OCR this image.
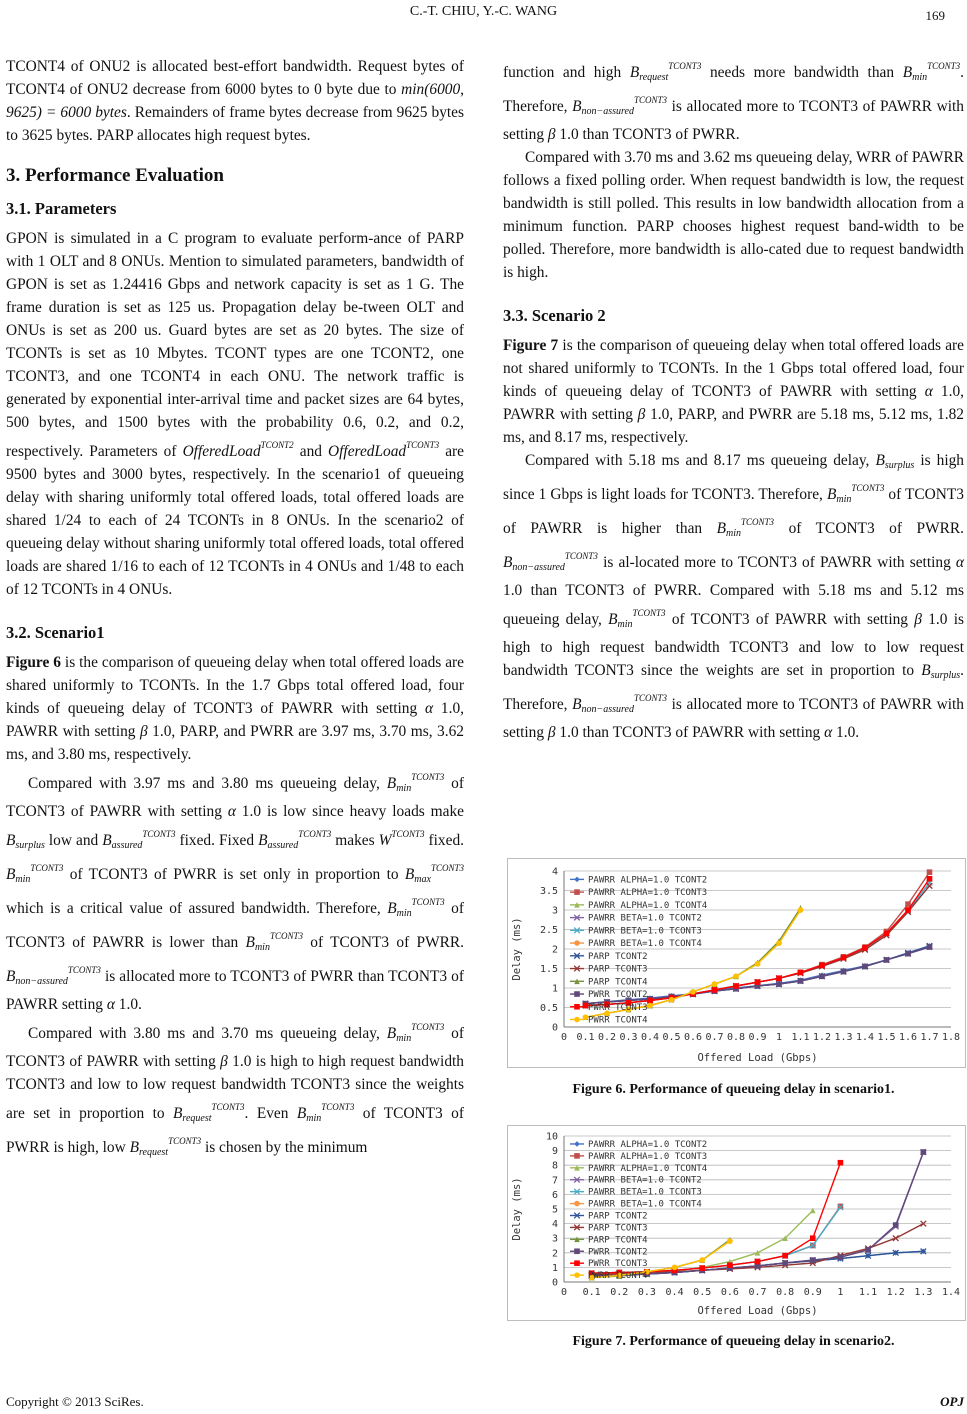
C.-T. CHIU, Y.-C. WANG	169

TCONT4 of ONU2 is allocated best-effort bandwidth. Request bytes of TCONT4 of ONU2 decrease from 6000 bytes to 0 byte due to min(6000, 9625) = 6000 bytes. Remainders of frame bytes decrease from 9625 bytes to 3625 bytes. PARP allocates high request bytes.

3. Performance Evaluation
3.1. Parameters

GPON is simulated in a C program to evaluate perform-ance of PARP with 1 OLT and 8 ONUs. Mention to simulated parameters, bandwidth of GPON is set as 1.24416 Gbps and network capacity is set as 1 G. The frame duration is set as 125 us. Propagation delay be-tween OLT and ONUs is set as 200 us. Guard bytes are set as 20 bytes. The size of TCONTs is set as 10 Mbytes. TCONT types are one TCONT2, one TCONT3, and one TCONT4 in each ONU. The network traffic is generated by exponential inter-arrival time and packet sizes are 64 bytes, 500 bytes, and 1500 bytes with the probability 0.6, 0.2, and 0.2, respectively. Parameters of OfferedLoad$^{TCONT2}$ and OfferedLoad$^{TCONT3}$ are 9500 bytes and 3000 bytes, respectively. In the scenario1 of queueing delay with sharing uniformly total offered loads, total offered loads are shared 1/24 to each of 24 TCONTs in 8 ONUs. In the scenario2 of queueing delay without sharing uniformly total offered loads, total offered loads are shared 1/16 to each of 12 TCONTs in 4 ONUs and 1/48 to each of 12 TCONTs in 4 ONUs.

3.2. Scenario1

Figure 6 is the comparison of queueing delay when total offered loads are shared uniformly to TCONTs. In the 1.7 Gbps total offered load, four kinds of queueing delay of TCONT3 of PAWRR with setting α 1.0, PAWRR with setting β 1.0, PARP, and PWRR are 3.97 ms, 3.70 ms, 3.62 ms, and 3.80 ms, respectively.

Compared with 3.97 ms and 3.80 ms queueing delay, $B_{min}^{TCONT3}$ of TCONT3 of PAWRR with setting α 1.0 is low since heavy loads make $B_{surplus}$ low and $B_{assured}^{TCONT3}$ fixed. Fixed $B_{assured}^{TCONT3}$ makes $W^{TCONT3}$ fixed. $B_{min}^{TCONT3}$ of TCONT3 of PWRR is set only in proportion to $B_{max}^{TCONT3}$ which is a critical value of assured bandwidth. Therefore, $B_{min}^{TCONT3}$ of TCONT3 of PAWRR is lower than $B_{min}^{TCONT3}$ of TCONT3 of PWRR. $B_{non-assured}^{TCONT3}$ is allocated more to TCONT3 of PWRR than TCONT3 of PAWRR setting α 1.0.

Compared with 3.80 ms and 3.70 ms queueing delay, $B_{min}^{TCONT3}$ of TCONT3 of PAWRR with setting β 1.0 is high to high request bandwidth TCONT3 and low to low request bandwidth TCONT3 since the weights are set in proportion to $B_{request}^{TCONT3}$. Even $B_{min}^{TCONT3}$ of TCONT3 of PWRR is high, low $B_{request}^{TCONT3}$ is chosen by the minimum

function and high $B_{request}^{TCONT3}$ needs more bandwidth than $B_{min}^{TCONT3}$. Therefore, $B_{non-assured}^{TCONT3}$ is allocated more to TCONT3 of PAWRR with setting β 1.0 than TCONT3 of PWRR.

Compared with 3.70 ms and 3.62 ms queueing delay, WRR of PAWRR follows a fixed polling order. When request bandwidth is low, the request bandwidth is still polled. This results in low bandwidth allocation from a minimum function. PARP chooses highest request band-width to be polled. Therefore, more bandwidth is allo-cated due to request bandwidth is high.

3.3. Scenario 2

Figure 7 is the comparison of queueing delay when total offered loads are not shared uniformly to TCONTs. In the 1 Gbps total offered load, four kinds of queueing delay of TCONT3 of PAWRR with setting α 1.0, PAWRR with setting β 1.0, PARP, and PWRR are 5.18 ms, 5.12 ms, 1.82 ms, and 8.17 ms, respectively.

Compared with 5.18 ms and 8.17 ms queueing delay, $B_{surplus}$ is high since 1 Gbps is light loads for TCONT3. Therefore, $B_{min}^{TCONT3}$ of TCONT3 of PAWRR is higher than $B_{min}^{TCONT3}$ of TCONT3 of PWRR. $B_{non-assured}^{TCONT3}$ is al-located more to TCONT3 of PAWRR with setting α 1.0 than TCONT3 of PWRR. Compared with 5.18 ms and 5.12 ms queueing delay, $B_{min}^{TCONT3}$ of TCONT3 of PAWRR with setting β 1.0 is high to high request bandwidth TCONT3 and low to low request bandwidth TCONT3 since the weights are set in proportion to $B_{surplus}$. Therefore, $B_{non-assured}^{TCONT3}$ is allocated more to TCONT3 of PAWRR with setting β 1.0 than TCONT3 of PAWRR with setting α 1.0.

0
0.5
1
1.5
2
2.5
3
3.5
4
0 0.1 0.2 0.3 0.4 0.5 0.6 0.7 0.8 0.9 1 1.1 1.2 1.3 1.4 1.5 1.6 1.7 1.8
Offered Load (Gbps)
Delay (ms)
PAWRR ALPHA=1.0 TCONT2
PAWRR ALPHA=1.0 TCONT3
PAWRR ALPHA=1.0 TCONT4
PAWRR BETA=1.0 TCONT2
PAWRR BETA=1.0 TCONT3
PAWRR BETA=1.0 TCONT4
PARP TCONT2
PARP TCONT3
PARP TCONT4
PWRR TCONT2
PWRR TCONT3
PWRR TCONT4
Figure 6. Performance of queueing delay in scenario1.
0
1
2
3
4
5
6
7
8
9
10
0 0.1 0.2 0.3 0.4 0.5 0.6 0.7 0.8 0.9 1 1.1 1.2 1.3 1.4
Offered Load (Gbps)
Delay (ms)
PAWRR ALPHA=1.0 TCONT2
PAWRR ALPHA=1.0 TCONT3
PAWRR ALPHA=1.0 TCONT4
PAWRR BETA=1.0 TCONT2
PAWRR BETA=1.0 TCONT3
PAWRR BETA=1.0 TCONT4
PARP TCONT2
PARP TCONT3
PARP TCONT4
PWRR TCONT2
PWRR TCONT3
PWRR TCONT4
Figure 7. Performance of queueing delay in scenario2.
Copyright © 2013 SciRes.	OPJ
